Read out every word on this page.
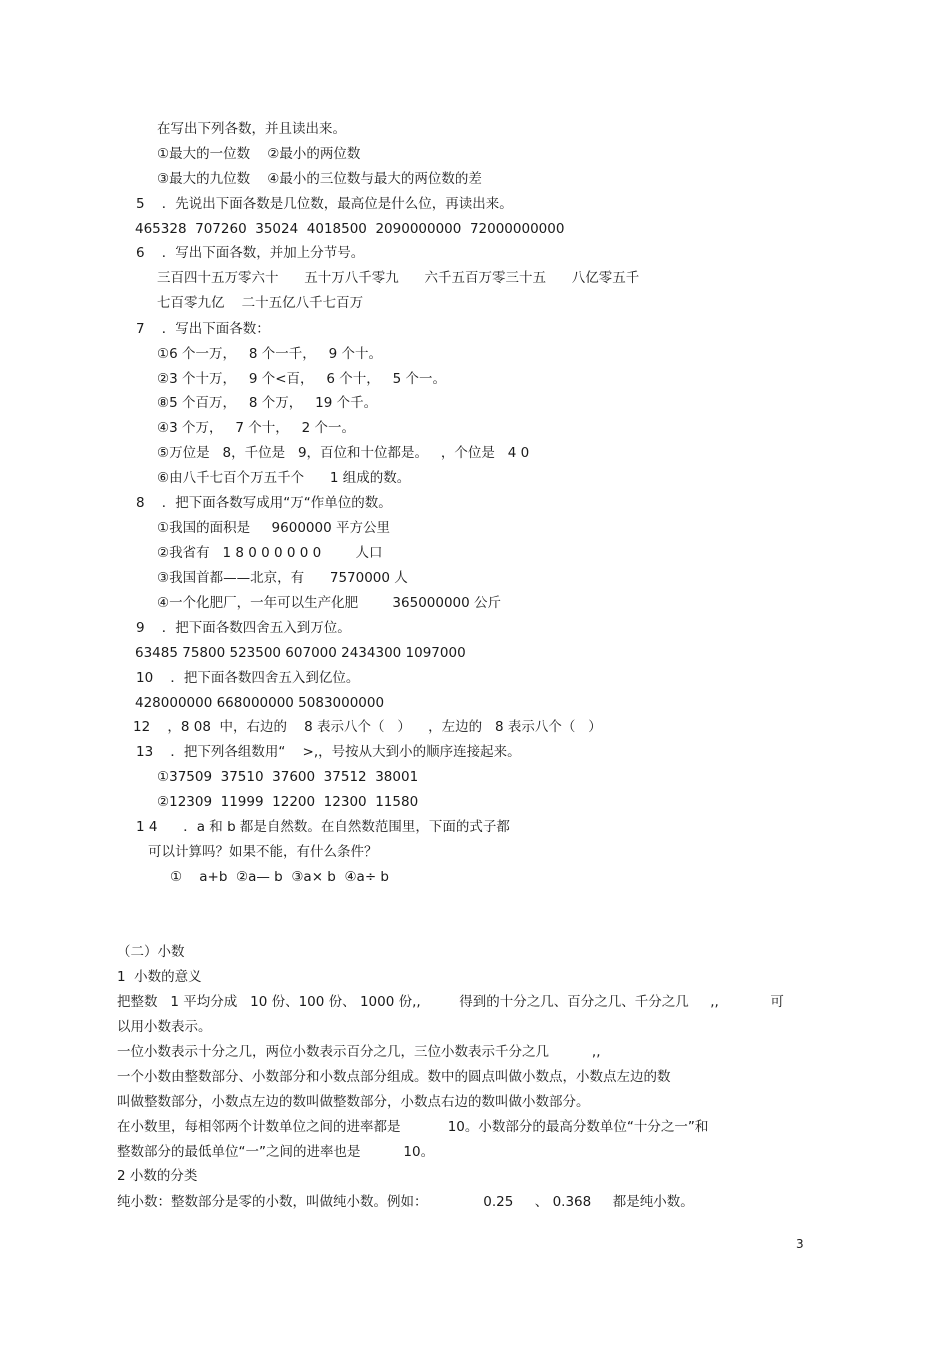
在写出下列各数，并且读出来。
①最大的一位数    ②最小的两位数
③最大的九位数    ④最小的三位数与最大的两位数的差
5    ．先说出下面各数是几位数，最高位是什么位，再读出来。
465328  707260  35024  4018500  2090000000  72000000000
6    ．写出下面各数，并加上分节号。
三百四十五万零六十      五十万八千零九      六千五百万零三十五      八亿零五千
七百零九亿    二十五亿八千七百万
7    ．写出下面各数：
①6 个一万，   8 个一千，   9 个十。
②3 个十万，   9 个<百，   6 个十，   5 个一。
⑧5 个百万，   8 个万，   19 个千。
④3 个万，   7 个十，   2 个一。
⑤万位是   8，千位是   9，百位和十位都是。   ，个位是   4 0
⑥由八千七百个万五千个      1 组成的数。
8    ．把下面各数写成用“万“作单位的数。
①我国的面积是     9600000 平方公里
②我省有   1 8 0 0 0 0 0 0        人口
③我国首都——北京，有      7570000 人
④一个化肥厂，一年可以生产化肥        365000000 公斤
9    ．把下面各数四舍五入到万位。
63485 75800 523500 607000 2434300 1097000
10    ．把下面各数四舍五入到亿位。
428000000 668000000 5083000000
12    ，8 08  中，右边的    8 表示八个（   ）    ，左边的   8 表示八个（   ）
13    ．把下列各组数用“    >,，号按从大到小的顺序连接起来。
①37509  37510  37600  37512  38001
②12309  11999  12200  12300  11580
1 4      ．a 和 b 都是自然数。在自然数范围里，下面的式子都
可以计算吗？如果不能，有什么条件？
①    a+b  ②a— b  ③a× b  ④a÷ b
（二）小数
1  小数的意义
把整数   1 平均分成   10 份、100 份、 1000 份,,         得到的十分之几、百分之几、千分之几     ,,            可
以用小数表示。
一位小数表示十分之几，两位小数表示百分之几，三位小数表示千分之几          ,,
一个小数由整数部分、小数部分和小数点部分组成。数中的圆点叫做小数点，小数点左边的数
叫做整数部分，小数点左边的数叫做整数部分，小数点右边的数叫做小数部分。
在小数里，每相邻两个计数单位之间的进率都是           10。小数部分的最高分数单位“十分之一”和
整数部分的最低单位“一”之间的进率也是          10。
2 小数的分类
纯小数：整数部分是零的小数，叫做纯小数。例如：             0.25     、 0.368     都是纯小数。
3
